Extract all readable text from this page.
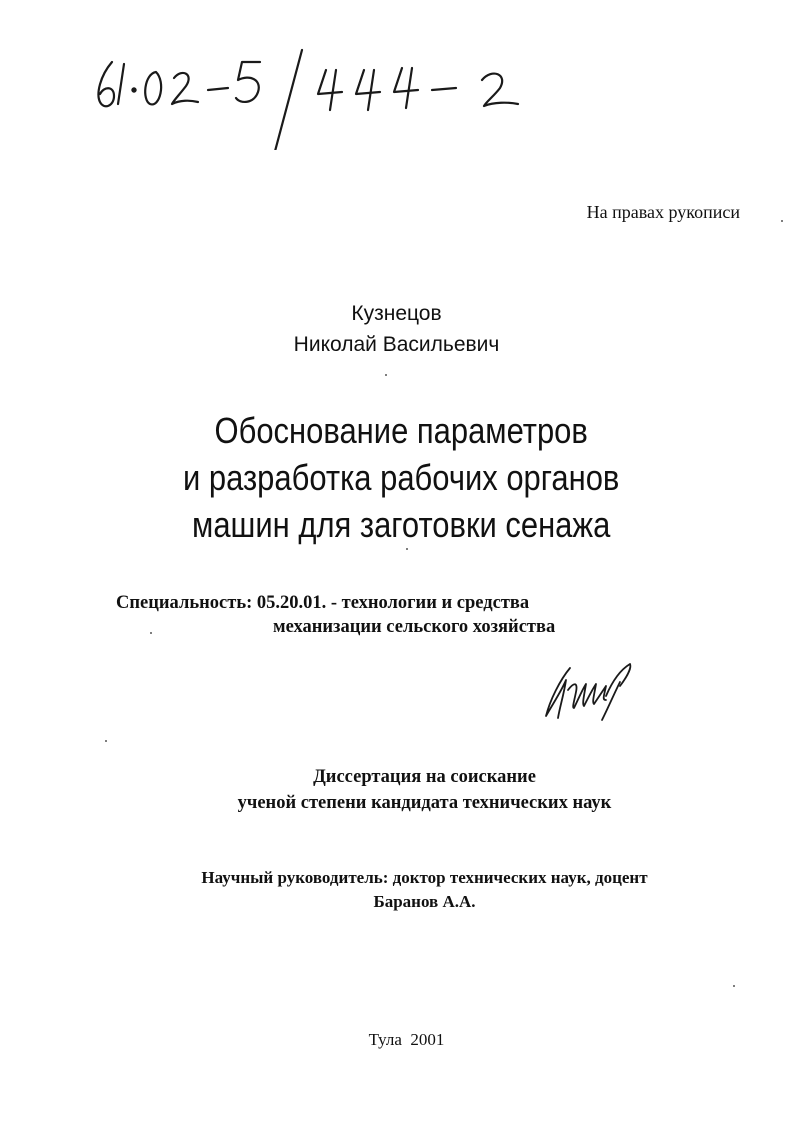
На правах рукописи
Кузнецов
Николай Васильевич
Обоснование параметров
и разработка рабочих органов
машин для заготовки сенажа
Специальность: 05.20.01. - технологии и средства
механизации сельского хозяйства
Диссертация на соискание
ученой степени кандидата технических наук
Научный руководитель: доктор технических наук, доцент
Баранов А.А.
Тула  2001
